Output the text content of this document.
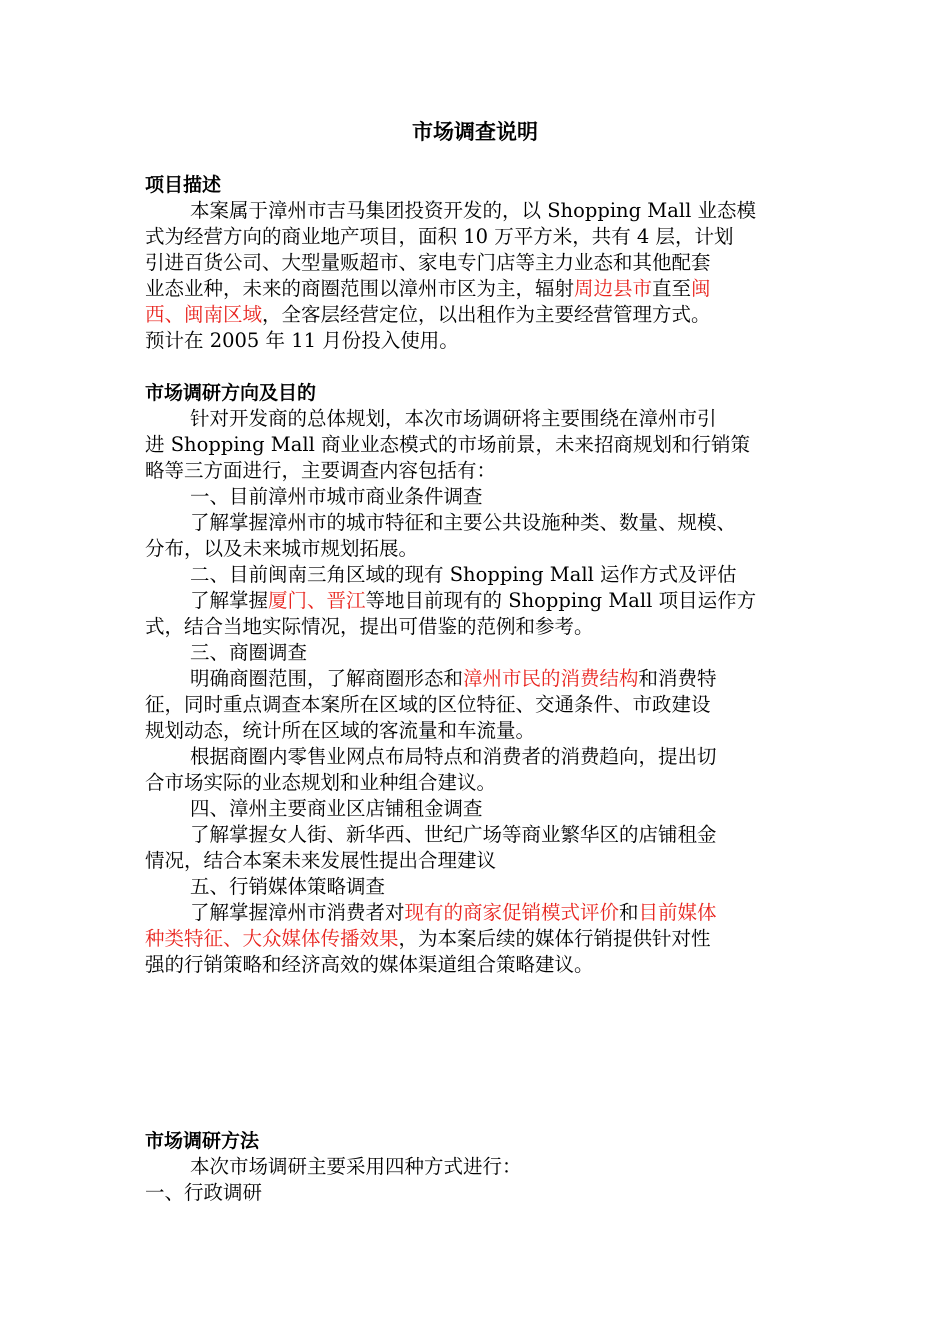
市场调查说明
项目描述
本案属于漳州市吉马集团投资开发的，以 Shopping Mall 业态模
式为经营方向的商业地产项目，面积 10 万平方米，共有 4 层，计划
引进百货公司、大型量贩超市、家电专门店等主力业态和其他配套
业态业种，未来的商圈范围以漳州市区为主，辐射周边县市直至闽
西、闽南区域，全客层经营定位，以出租作为主要经营管理方式。
预计在 2005 年 11 月份投入使用。
市场调研方向及目的
针对开发商的总体规划，本次市场调研将主要围绕在漳州市引
进 Shopping Mall 商业业态模式的市场前景，未来招商规划和行销策
略等三方面进行，主要调查内容包括有：
一、目前漳州市城市商业条件调查
了解掌握漳州市的城市特征和主要公共设施种类、数量、规模、
分布，以及未来城市规划拓展。
二、目前闽南三角区域的现有 Shopping Mall 运作方式及评估
了解掌握厦门、晋江等地目前现有的 Shopping Mall 项目运作方
式，结合当地实际情况，提出可借鉴的范例和参考。
三、商圈调查
明确商圈范围，了解商圈形态和漳州市民的消费结构和消费特
征，同时重点调查本案所在区域的区位特征、交通条件、市政建设
规划动态，统计所在区域的客流量和车流量。
根据商圈内零售业网点布局特点和消费者的消费趋向，提出切
合市场实际的业态规划和业种组合建议。
四、漳州主要商业区店铺租金调查
了解掌握女人街、新华西、世纪广场等商业繁华区的店铺租金
情况，结合本案未来发展性提出合理建议
五、行销媒体策略调查
了解掌握漳州市消费者对现有的商家促销模式评价和目前媒体
种类特征、大众媒体传播效果，为本案后续的媒体行销提供针对性
强的行销策略和经济高效的媒体渠道组合策略建议。
市场调研方法
本次市场调研主要采用四种方式进行：
一、行政调研
